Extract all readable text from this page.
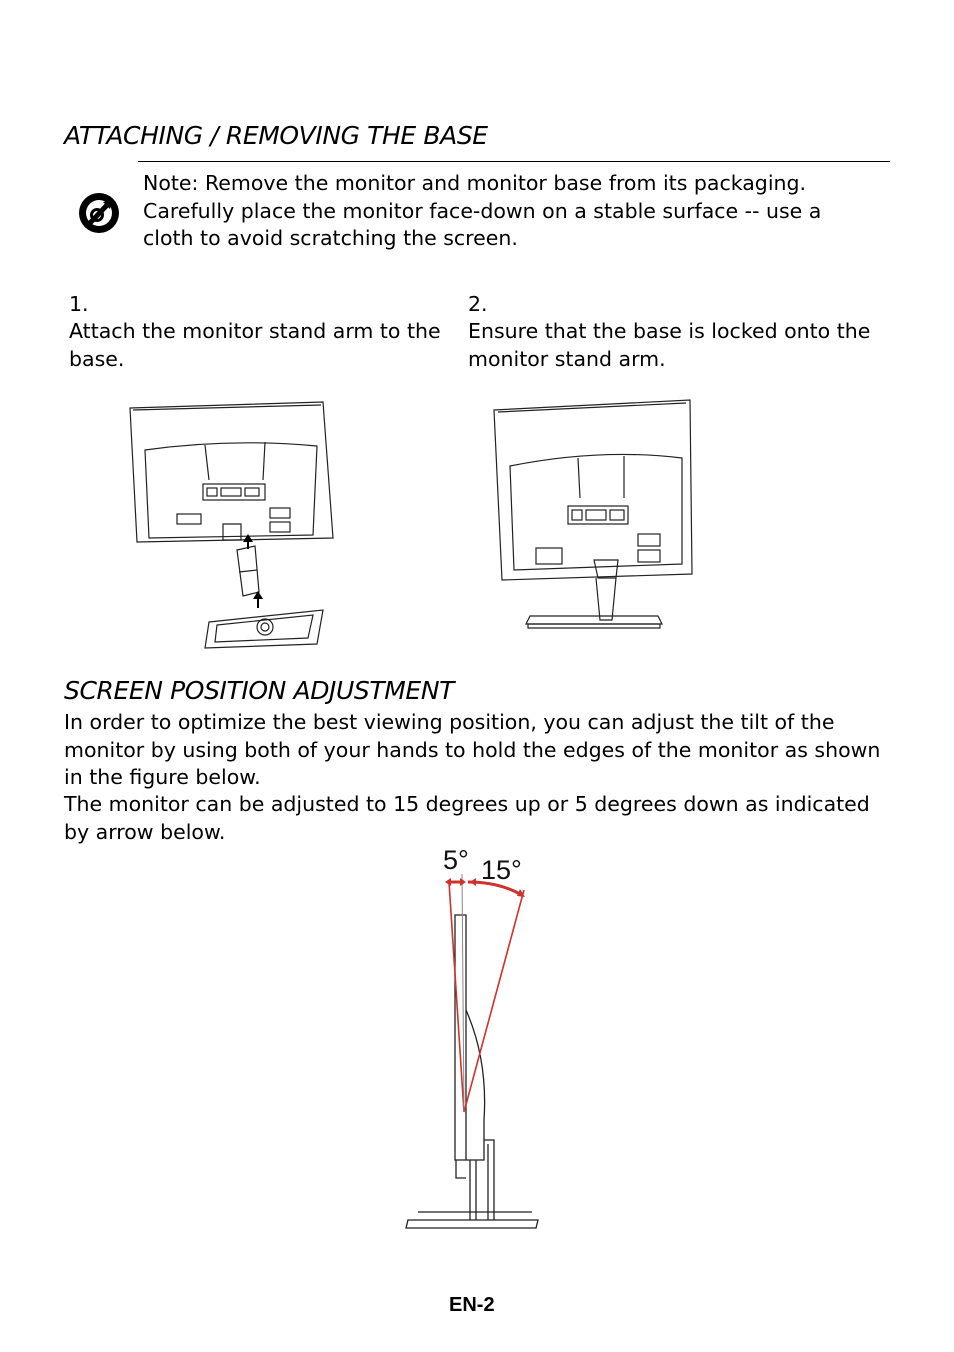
ATTACHING / REMOVING THE BASE
Note: Remove the monitor and monitor base from its packaging. Carefully place the monitor face-down on a stable surface -- use a cloth to avoid scratching the screen.
1.
Attach the monitor stand arm to the base.
2.
Ensure that the base is locked onto the monitor stand arm.
SCREEN POSITION ADJUSTMENT
In order to optimize the best viewing position, you can adjust the tilt of the monitor by using both of your hands to hold the edges of the monitor as shown in the figure below.
The monitor can be adjusted to 15 degrees up or 5 degrees down as indicated by arrow below.
5° 15°
EN-2
